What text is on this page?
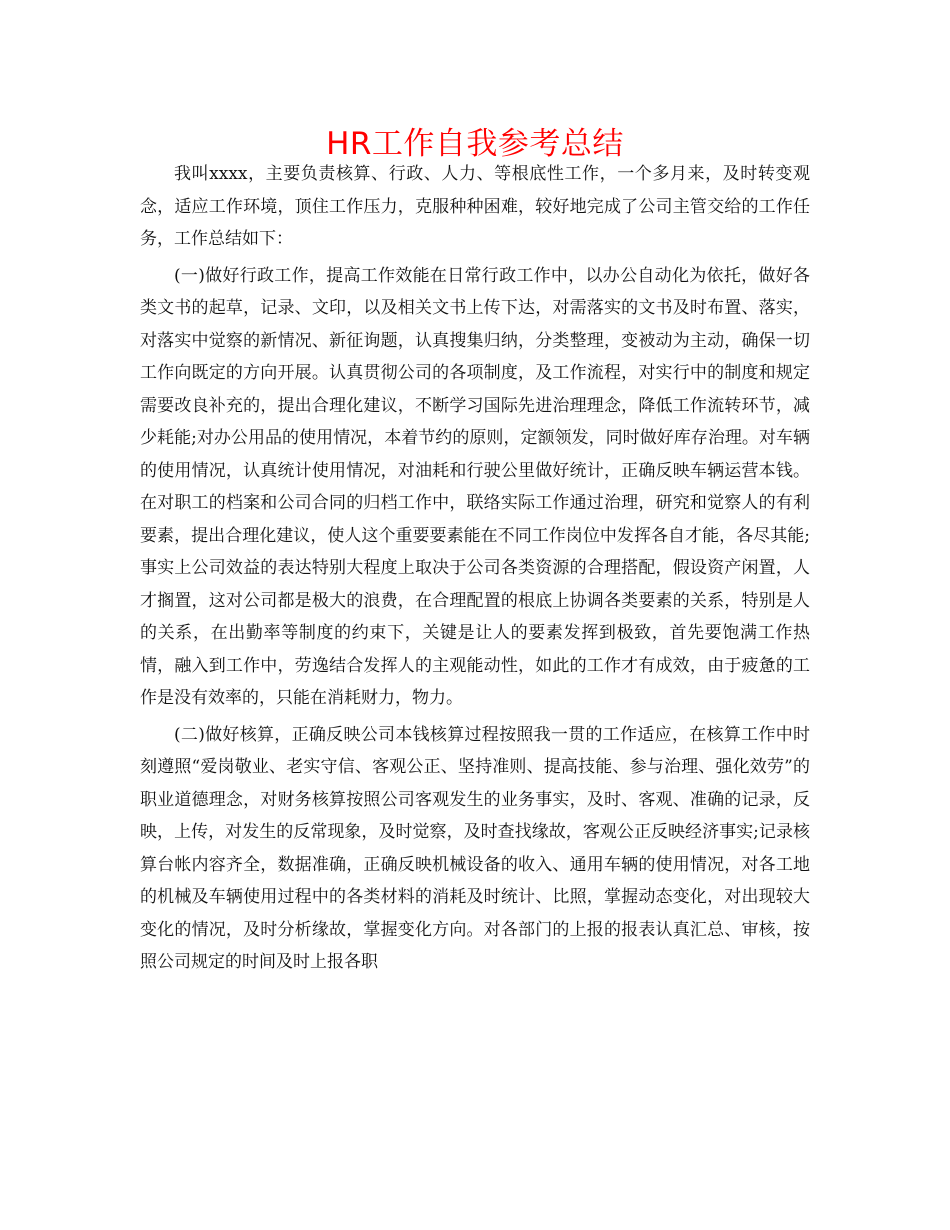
HR工作自我参考总结

我叫xxxx，主要负责核算、行政、人力、等根底性工作，一个多月来，及时转变观念，适应工作环境，顶住工作压力，克服种种困难，较好地完成了公司主管交给的工作任务，工作总结如下：

(一)做好行政工作，提高工作效能在日常行政工作中，以办公自动化为依托，做好各类文书的起草，记录、文印，以及相关文书上传下达，对需落实的文书及时布置、落实，对落实中觉察的新情况、新征询题，认真搜集归纳，分类整理，变被动为主动，确保一切工作向既定的方向开展。认真贯彻公司的各项制度，及工作流程，对实行中的制度和规定需要改良补充的，提出合理化建议，不断学习国际先进治理理念，降低工作流转环节，减少耗能;对办公用品的使用情况，本着节约的原则，定额领发，同时做好库存治理。对车辆的使用情况，认真统计使用情况，对油耗和行驶公里做好统计，正确反映车辆运营本钱。在对职工的档案和公司合同的归档工作中，联络实际工作通过治理，研究和觉察人的有利要素，提出合理化建议，使人这个重要要素能在不同工作岗位中发挥各自才能，各尽其能;事实上公司效益的表达特别大程度上取决于公司各类资源的合理搭配，假设资产闲置，人才搁置，这对公司都是极大的浪费，在合理配置的根底上协调各类要素的关系，特别是人的关系，在出勤率等制度的约束下，关键是让人的要素发挥到极致，首先要饱满工作热情，融入到工作中，劳逸结合发挥人的主观能动性，如此的工作才有成效，由于疲惫的工作是没有效率的，只能在消耗财力，物力。

(二)做好核算，正确反映公司本钱核算过程按照我一贯的工作适应，在核算工作中时刻遵照“爱岗敬业、老实守信、客观公正、坚持准则、提高技能、参与治理、强化效劳”的职业道德理念，对财务核算按照公司客观发生的业务事实，及时、客观、准确的记录，反映，上传，对发生的反常现象，及时觉察，及时查找缘故，客观公正反映经济事实;记录核算台帐内容齐全，数据准确，正确反映机械设备的收入、通用车辆的使用情况，对各工地的机械及车辆使用过程中的各类材料的消耗及时统计、比照，掌握动态变化，对出现较大变化的情况，及时分析缘故，掌握变化方向。对各部门的上报的报表认真汇总、审核，按照公司规定的时间及时上报各职
